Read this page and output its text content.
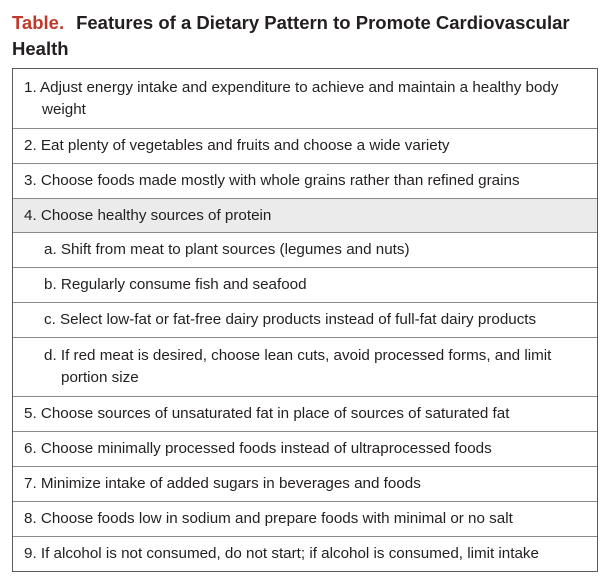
Table. Features of a Dietary Pattern to Promote Cardiovascular Health
1. Adjust energy intake and expenditure to achieve and maintain a healthy body weight
2. Eat plenty of vegetables and fruits and choose a wide variety
3. Choose foods made mostly with whole grains rather than refined grains
4. Choose healthy sources of protein
a. Shift from meat to plant sources (legumes and nuts)
b. Regularly consume fish and seafood
c. Select low-fat or fat-free dairy products instead of full-fat dairy products
d. If red meat is desired, choose lean cuts, avoid processed forms, and limit portion size
5. Choose sources of unsaturated fat in place of sources of saturated fat
6. Choose minimally processed foods instead of ultraprocessed foods
7. Minimize intake of added sugars in beverages and foods
8. Choose foods low in sodium and prepare foods with minimal or no salt
9. If alcohol is not consumed, do not start; if alcohol is consumed, limit intake
